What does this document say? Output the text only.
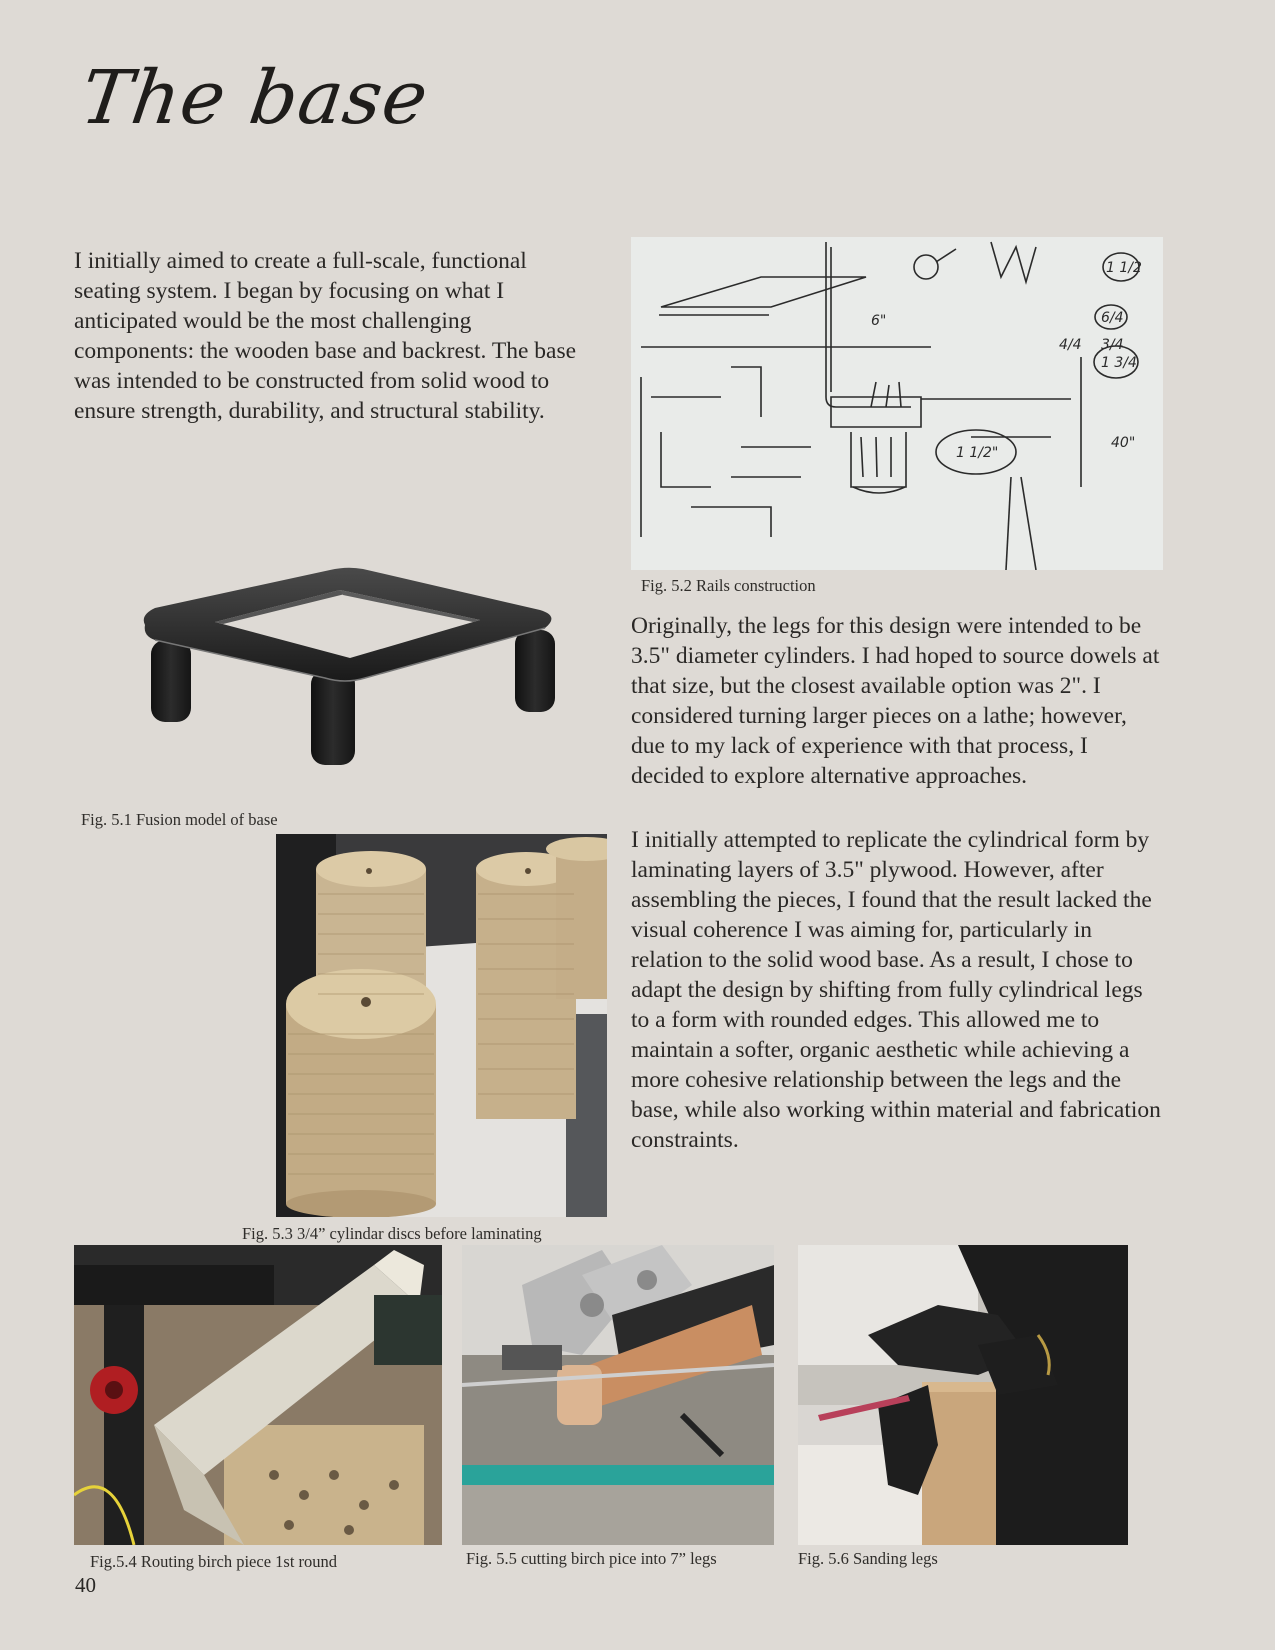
The base
I initially aimed to create a full-scale, functional seating system. I began by focusing on what I anticipated would be the most challenging components: the wooden base and backrest. The base was intended to be constructed from solid wood to ensure strength, durability, and structural stability.
6"
1 1/2
6/4
4/4 3/4
1 3/4
1 1/2"
40"
Fig. 5.2 Rails construction
Fig. 5.1 Fusion model of base
Originally, the legs for this design were intended to be 3.5" diameter cylinders. I had hoped to source dowels at that size, but the closest available option was 2". I considered turning larger pieces on a lathe; however, due to my lack of experience with that process, I decided to explore alternative approaches.
I initially attempted to replicate the cylindrical form by laminating layers of 3.5" plywood. However, after assembling the pieces, I found that the result lacked the visual coherence I was aiming for, particularly in relation to the solid wood base. As a result, I chose to adapt the design by shifting from fully cylindrical legs to a form with rounded edges. This allowed me to maintain a softer, organic aesthetic while achieving a more cohesive relationship between the legs and the base, while also working within material and fabrication constraints.
Fig. 5.3 3/4” cylindar discs before laminating
Fig.5.4 Routing birch piece 1st round	Fig. 5.5 cutting birch pice into 7” legs	Fig. 5.6 Sanding legs
40
